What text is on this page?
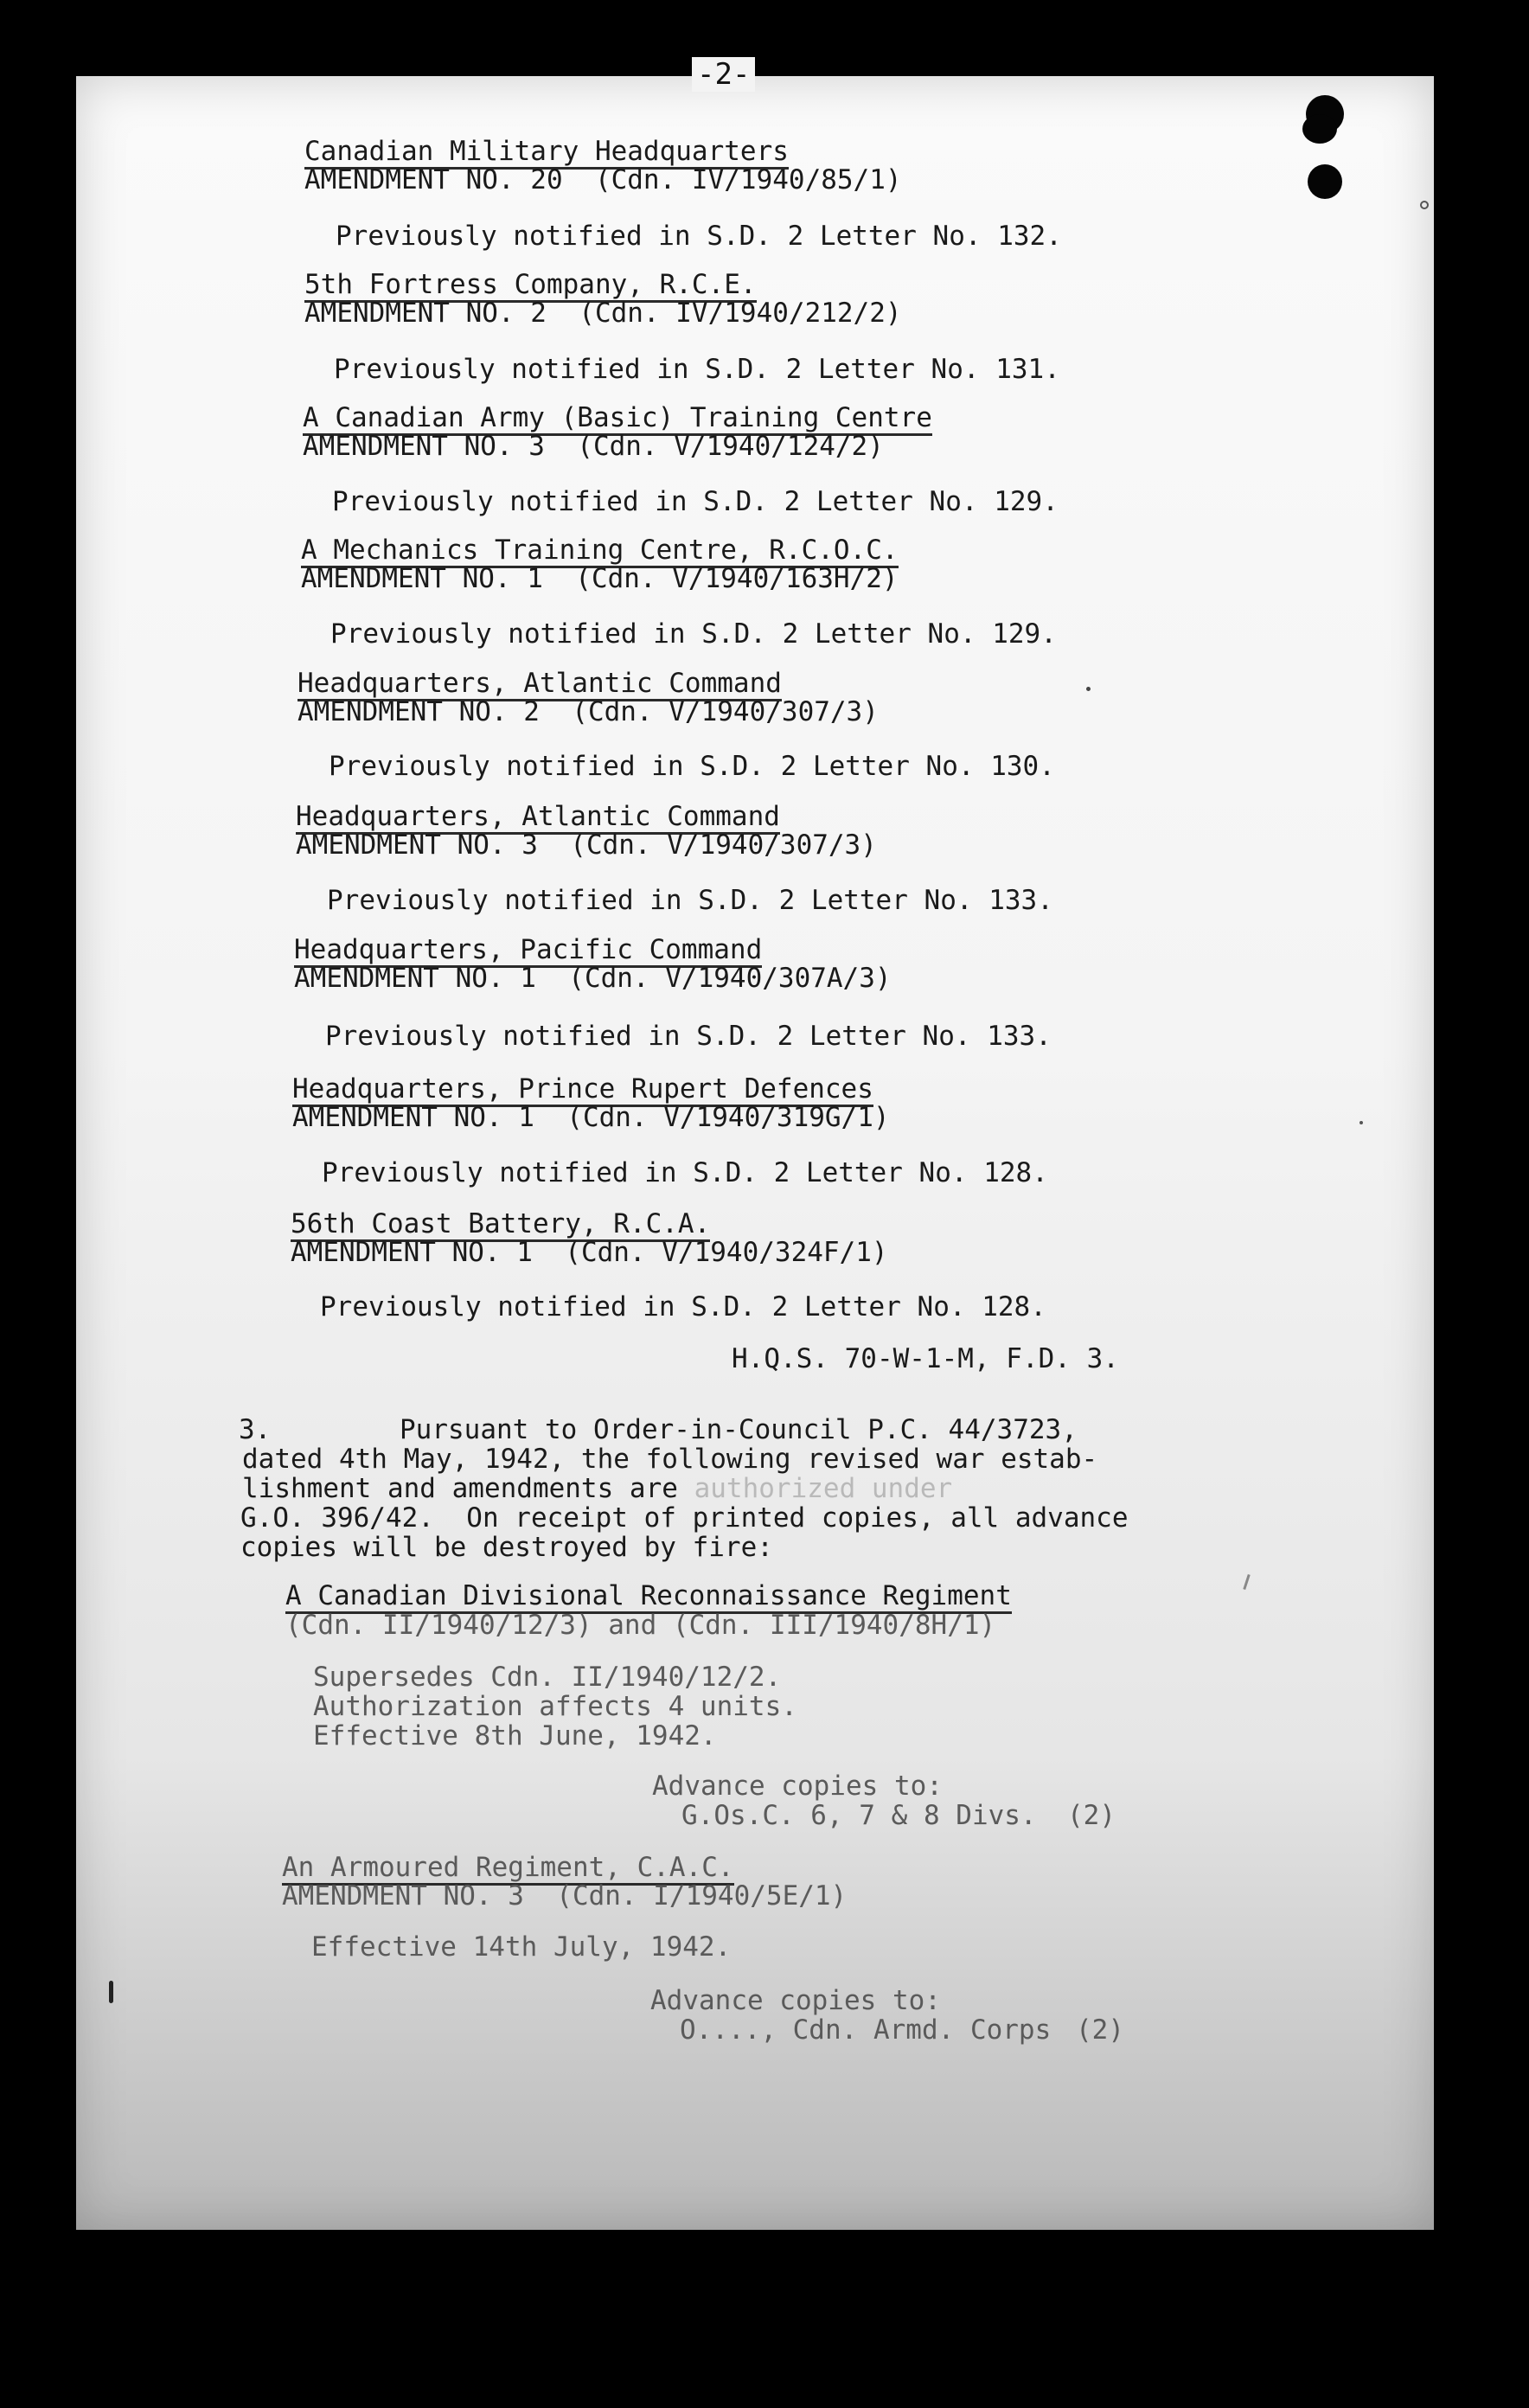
-2-
Canadian Military Headquarters
AMENDMENT NO. 20  (Cdn. IV/1940/85/1)
Previously notified in S.D. 2 Letter No. 132.
5th Fortress Company, R.C.E.
AMENDMENT NO. 2  (Cdn. IV/1940/212/2)
Previously notified in S.D. 2 Letter No. 131.
A Canadian Army (Basic) Training Centre
AMENDMENT NO. 3  (Cdn. V/1940/124/2)
Previously notified in S.D. 2 Letter No. 129.
A Mechanics Training Centre, R.C.O.C.
AMENDMENT NO. 1  (Cdn. V/1940/163H/2)
Previously notified in S.D. 2 Letter No. 129.
Headquarters, Atlantic Command
AMENDMENT NO. 2  (Cdn. V/1940/307/3)
Previously notified in S.D. 2 Letter No. 130.
Headquarters, Atlantic Command
AMENDMENT NO. 3  (Cdn. V/1940/307/3)
Previously notified in S.D. 2 Letter No. 133.
Headquarters, Pacific Command
AMENDMENT NO. 1  (Cdn. V/1940/307A/3)
Previously notified in S.D. 2 Letter No. 133.
Headquarters, Prince Rupert Defences
AMENDMENT NO. 1  (Cdn. V/1940/319G/1)
Previously notified in S.D. 2 Letter No. 128.
56th Coast Battery, R.C.A.
AMENDMENT NO. 1  (Cdn. V/1940/324F/1)
Previously notified in S.D. 2 Letter No. 128.
H.Q.S. 70-W-1-M, F.D. 3.
3.	Pursuant to Order-in-Council P.C. 44/3723,
dated 4th May, 1942, the following revised war estab-
lishment and amendments are authorized under
G.O. 396/42.  On receipt of printed copies, all advance
copies will be destroyed by fire:
A Canadian Divisional Reconnaissance Regiment
(Cdn. II/1940/12/3) and (Cdn. III/1940/8H/1)
Supersedes Cdn. II/1940/12/2.
Authorization affects 4 units.
Effective 8th June, 1942.
Advance copies to:
G.Os.C. 6, 7 & 8 Divs. (2)
An Armoured Regiment, C.A.C.
AMENDMENT NO. 3  (Cdn. I/1940/5E/1)
Effective 14th July, 1942.
Advance copies to:
O...., Cdn. Armd. Corps (2)
